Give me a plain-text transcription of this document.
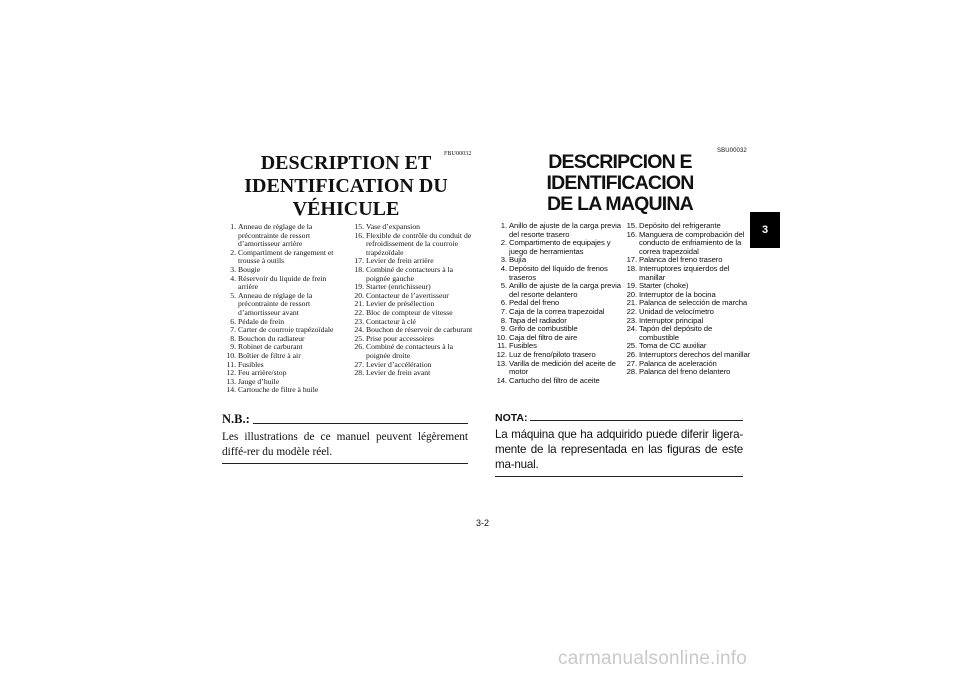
FBU00032
DESCRIPTION ET
IDENTIFICATION DU VÉHICULE
1. Anneau de réglage de la précontrainte de ressort d’amortisseur arrière
2. Compartiment de rangement et trousse à outils
3. Bougie
4. Réservoir du liquide de frein arrière
5. Anneau de réglage de la précontrainte de ressort d’amortisseur avant
6. Pédale de frein
7. Carter de courroie trapézoïdale
8. Bouchon du radiateur
9. Robinet de carburant
10. Boîtier de filtre à air
11. Fusibles
12. Feu arrière/stop
13. Jauge d’huile
14. Cartouche de filtre à huile
15. Vase d’expansion
16. Flexible de contrôle du conduit de refroidissement de la courroie trapézoïdale
17. Levier de frein arrière
18. Combiné de contacteurs à la poignée gauche
19. Starter (enrichisseur)
20. Contacteur de l’avertisseur
21. Levier de présélection
22. Bloc de compteur de vitesse
23. Contacteur à clé
24. Bouchon de réservoir de carburant
25. Prise pour accessoires
26. Combiné de contacteurs à la poignée droite
27. Levier d’accélération
28. Levier de frein avant
N.B.:

Les illustrations de ce manuel peuvent légèrement diffé-rer du modèle réel.

SBU00032
DESCRIPCION E IDENTIFICACION
DE LA MAQUINA
1. Anillo de ajuste de la carga previa del resorte trasero
2. Compartimento de equipajes y juego de herramientas
3. Bujía
4. Depósito del líquido de frenos traseros
5. Anillo de ajuste de la carga previa del resorte delantero
6. Pedal del freno
7. Caja de la correa trapezoidal
8. Tapa del radiador
9. Grifo de combustible
10. Caja del filtro de aire
11. Fusibles
12. Luz de freno/piloto trasero
13. Varilla de medición del aceite de motor
14. Cartucho del filtro de aceite
15. Depósito del refrigerante
16. Manguera de comprobación del conducto de enfriamiento de la correa trapezoidal
17. Palanca del freno trasero
18. Interruptores izquierdos del manillar
19. Starter (choke)
20. Interruptor de la bocina
21. Palanca de selección de marcha
22. Unidad de velocímetro
23. Interruptor principal
24. Tapón del depósito de combustible
25. Toma de CC auxiliar
26. Interruptors derechos del manillar
27. Palanca de aceleración
28. Palanca del freno delantero
NOTA:

La máquina que ha adquirido puede diferir ligera-mente de la representada en las figuras de este ma-nual.

3-2
3
carmanualsonline.info
